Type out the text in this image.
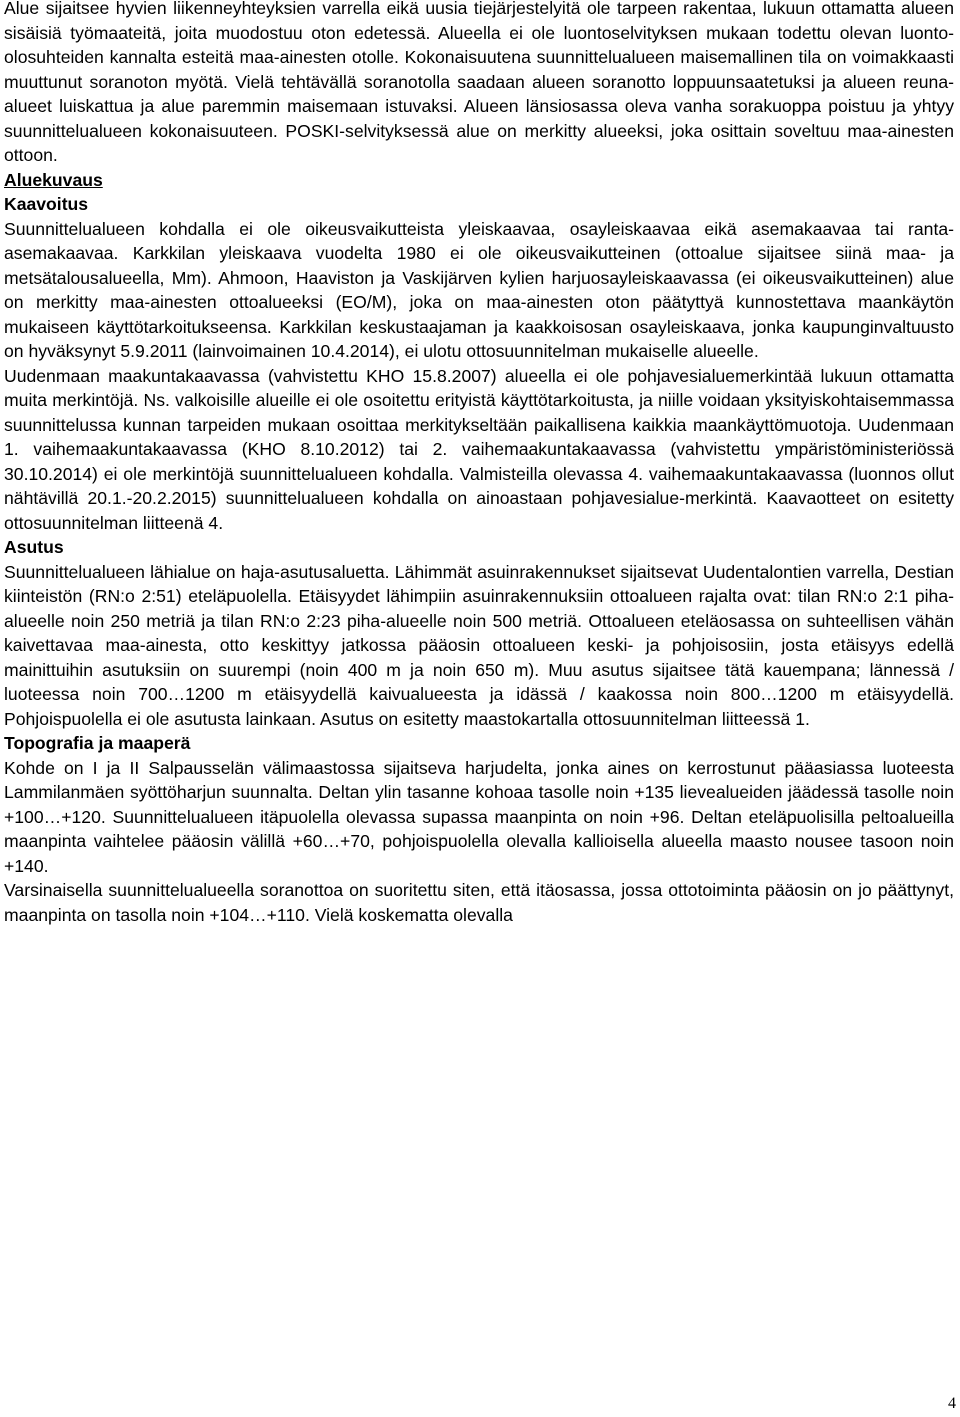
Alue sijaitsee hyvien liikenneyhteyksien varrella eikä uusia tiejärjestelyitä ole tarpeen rakentaa, lukuun ottamatta alueen sisäisiä työmaateitä, joita muodostuu oton edetessä. Alueella ei ole luontoselvityksen mukaan todettu olevan luonto-olosuhteiden kannalta esteitä maa-ainesten otolle. Kokonaisuutena suunnittelualueen maisemallinen tila on voimakkaasti muuttunut soranoton myötä. Vielä tehtävällä soranotolla saadaan alueen soranotto loppuunsaatetuksi ja alueen reuna-alueet luiskattua ja alue paremmin maisemaan istuvaksi. Alueen länsiosassa oleva vanha sorakuoppa poistuu ja yhtyy suunnittelualueen kokonaisuuteen. POSKI-selvityksessä alue on merkitty alueeksi, joka osittain soveltuu maa-ainesten ottoon.

Aluekuvaus
Kaavoitus

Suunnittelualueen kohdalla ei ole oikeusvaikutteista yleiskaavaa, osayleiskaavaa eikä asemakaavaa tai ranta-asemakaavaa. Karkkilan yleiskaava vuodelta 1980 ei ole oikeusvaikutteinen (ottoalue sijaitsee siinä maa- ja metsätalousalueella, Mm). Ahmoon, Haaviston ja Vaskijärven kylien harjuosayleiskaavassa (ei oikeusvaikutteinen) alue on merkitty maa-ainesten ottoalueeksi (EO/M), joka on maa-ainesten oton päätyttyä kunnostettava maankäytön mukaiseen käyttötarkoitukseensa. Karkkilan keskustaajaman ja kaakkoisosan osayleiskaava, jonka kaupunginvaltuusto on hyväksynyt 5.9.2011 (lainvoimainen 10.4.2014), ei ulotu ottosuunnitelman mukaiselle alueelle.

Uudenmaan maakuntakaavassa (vahvistettu KHO 15.8.2007) alueella ei ole pohjavesialuemerkintää lukuun ottamatta muita merkintöjä. Ns. valkoisille alueille ei ole osoitettu erityistä käyttötarkoitusta, ja niille voidaan yksityiskohtaisemmassa suunnittelussa kunnan tarpeiden mukaan osoittaa merkitykseltään paikallisena kaikkia maankäyttömuotoja. Uudenmaan 1. vaihemaakuntakaavassa (KHO 8.10.2012) tai 2. vaihemaakuntakaavassa (vahvistettu ympäristöministeriössä 30.10.2014) ei ole merkintöjä suunnittelualueen kohdalla. Valmisteilla olevassa 4. vaihemaakuntakaavassa (luonnos ollut nähtävillä 20.1.-20.2.2015) suunnittelualueen kohdalla on ainoastaan pohjavesialue-merkintä. Kaavaotteet on esitetty ottosuunnitelman liitteenä 4.

Asutus

Suunnittelualueen lähialue on haja-asutusaluetta. Lähimmät asuinrakennukset sijaitsevat Uudentalontien varrella, Destian kiinteistön (RN:o 2:51) eteläpuolella. Etäisyydet lähimpiin asuinrakennuksiin ottoalueen rajalta ovat: tilan RN:o 2:1 piha-alueelle noin 250 metriä ja tilan RN:o 2:23 piha-alueelle noin 500 metriä. Ottoalueen eteläosassa on suhteellisen vähän kaivettavaa maa-ainesta, otto keskittyy jatkossa pääosin ottoalueen keski- ja pohjoisosiin, josta etäisyys edellä mainittuihin asutuksiin on suurempi (noin 400 m ja noin 650 m). Muu asutus sijaitsee tätä kauempana; lännessä / luoteessa noin 700…1200 m etäisyydellä kaivualueesta ja idässä / kaakossa noin 800…1200 m etäisyydellä. Pohjoispuolella ei ole asutusta lainkaan. Asutus on esitetty maastokartalla ottosuunnitelman liitteessä 1.

Topografia ja maaperä

Kohde on I ja II Salpausselän välimaastossa sijaitseva harjudelta, jonka aines on kerrostunut pääasiassa luoteesta Lammilanmäen syöttöharjun suunnalta. Deltan ylin tasanne kohoaa tasolle noin +135 lievealueiden jäädessä tasolle noin +100…+120. Suunnittelualueen itäpuolella olevassa supassa maanpinta on noin +96. Deltan eteläpuolisilla peltoalueilla maanpinta vaihtelee pääosin välillä +60…+70, pohjoispuolella olevalla kallioisella alueella maasto nousee tasoon noin +140.

Varsinaisella suunnittelualueella soranottoa on suoritettu siten, että itäosassa, jossa ottotoiminta pääosin on jo päättynyt, maanpinta on tasolla noin +104…+110. Vielä koskematta olevalla

4
